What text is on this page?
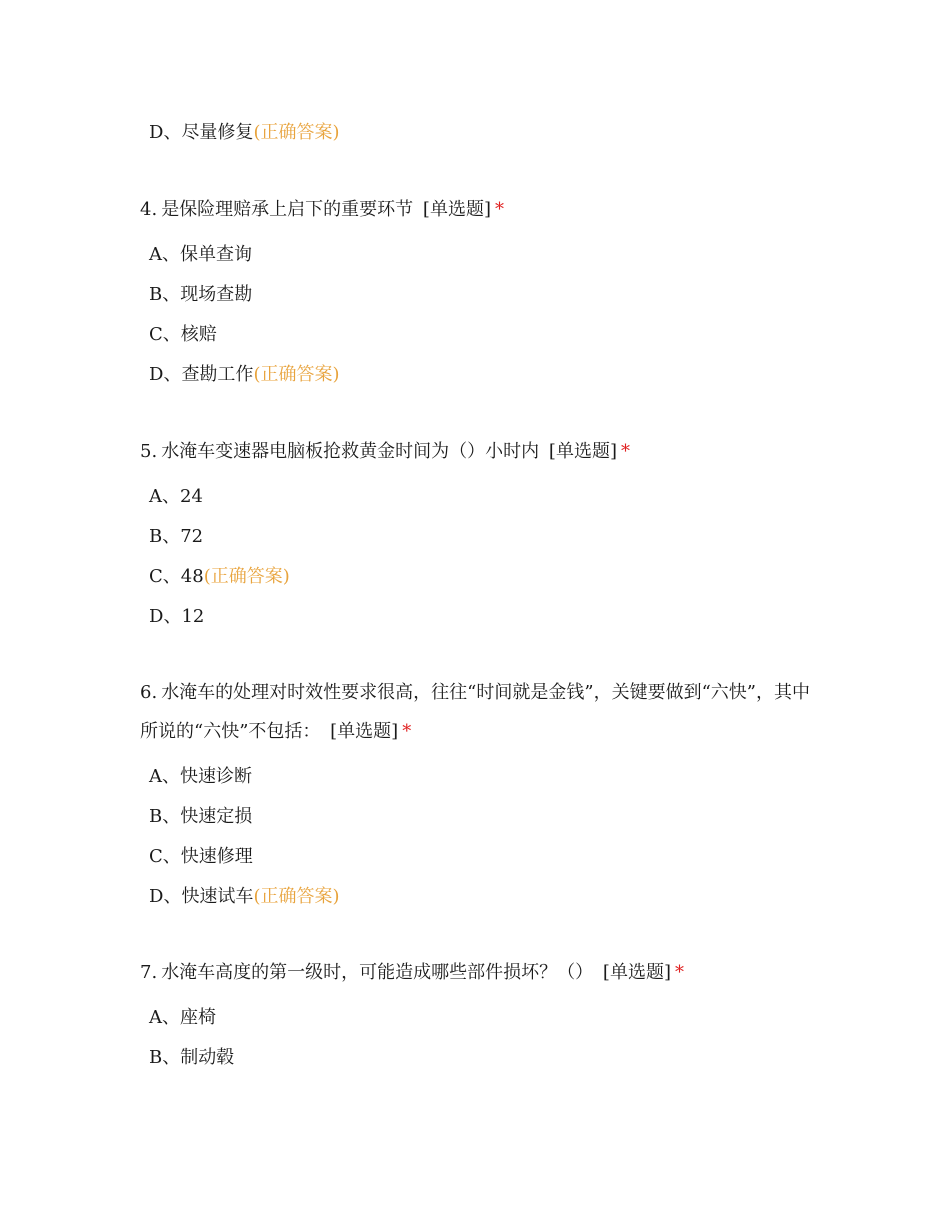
D、尽量修复(正确答案)

4. 是保险理赔承上启下的重要环节 [单选题] *

A、保单查询
B、现场查勘
C、核赔
D、查勘工作(正确答案)

5. 水淹车变速器电脑板抢救黄金时间为（）小时内 [单选题] *

A、24
B、72
C、48(正确答案)
D、12

6. 水淹车的处理对时效性要求很高，往往“时间就是金钱”，关键要做到“六快”，其中所说的“六快”不包括： [单选题] *

A、快速诊断
B、快速定损
C、快速修理
D、快速试车(正确答案)

7. 水淹车高度的第一级时，可能造成哪些部件损坏？（） [单选题] *

A、座椅
B、制动毂
